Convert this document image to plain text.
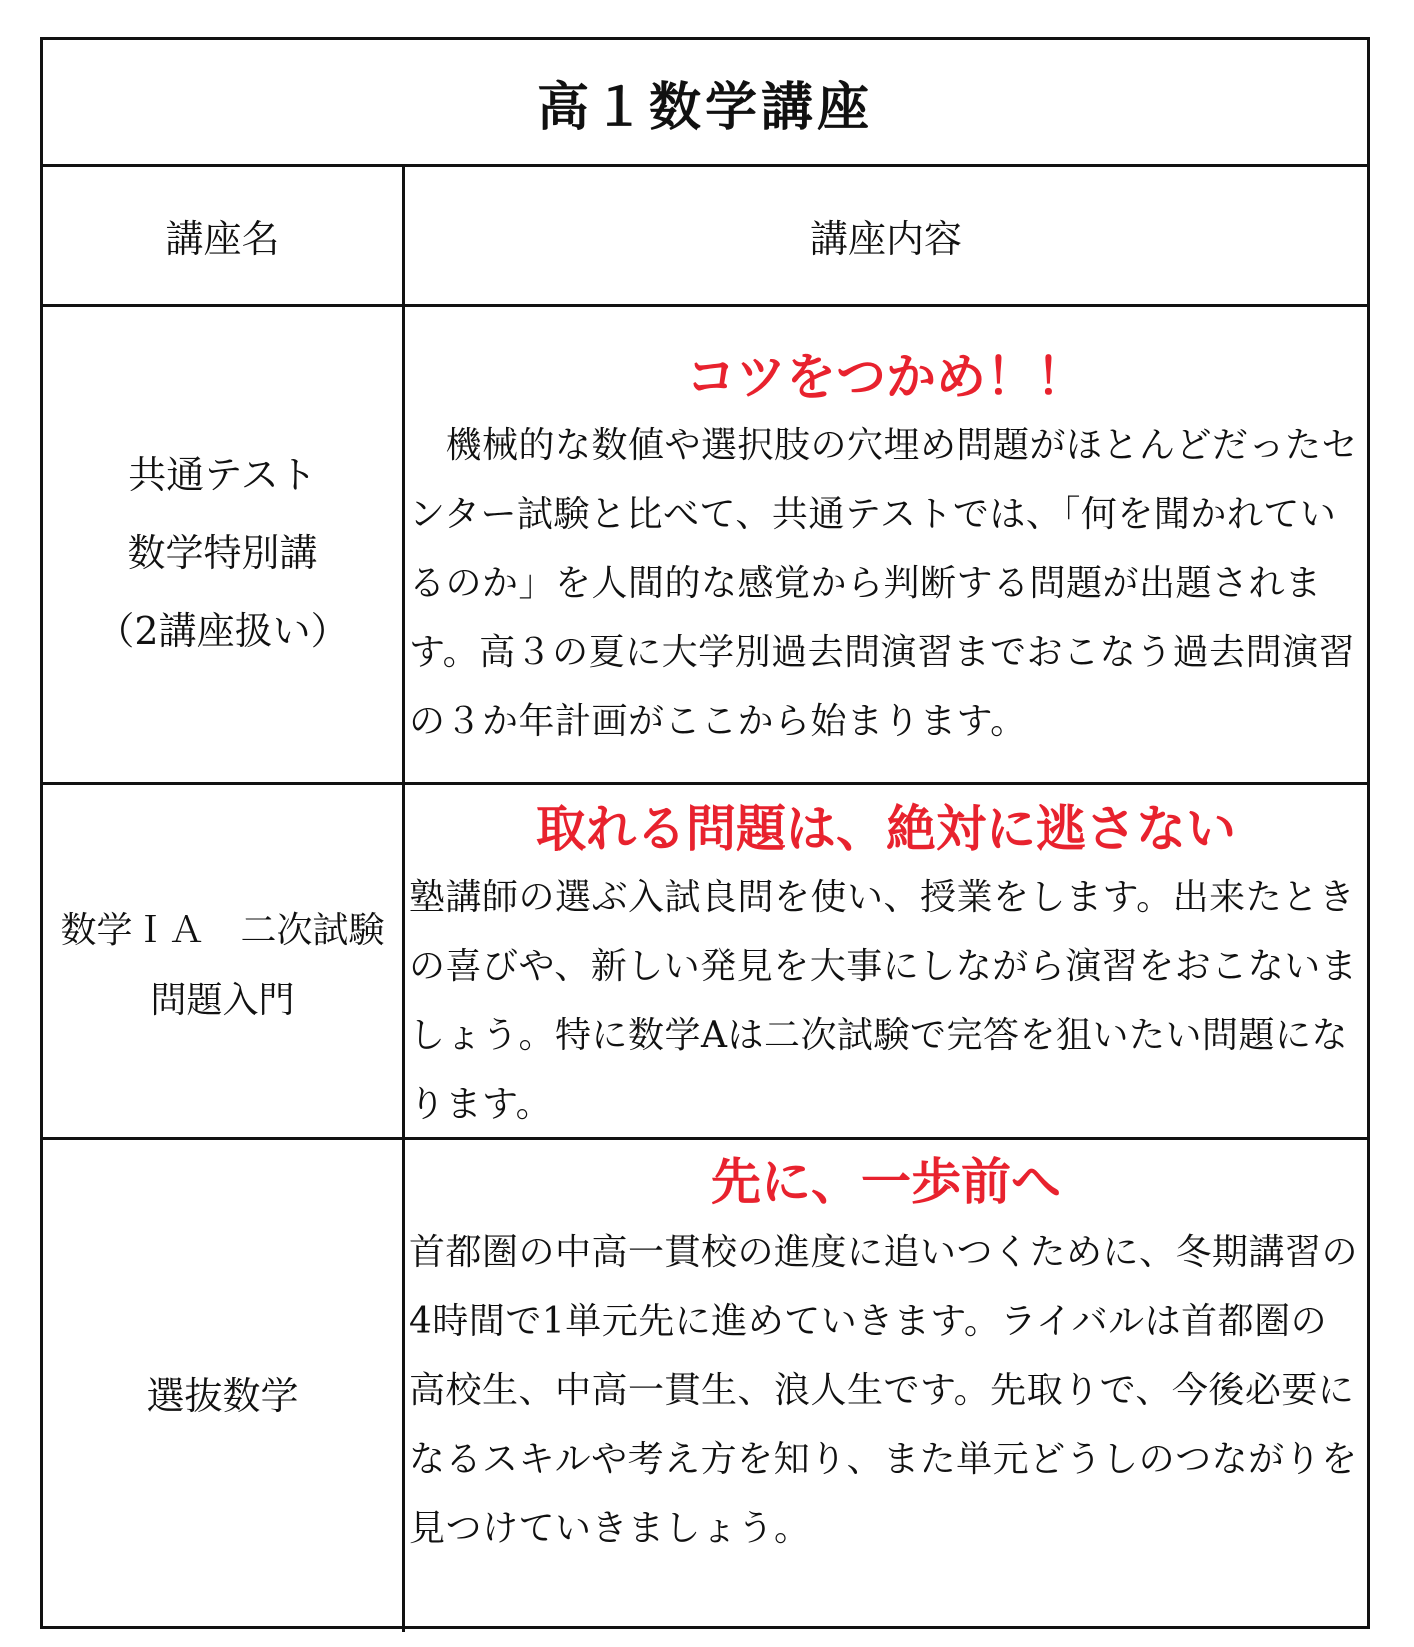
高１数学講座
講座名	講座内容
共通テスト
数学特別講
（2講座扱い）
コツをつかめ！！

　機械的な数値や選択肢の穴埋め問題がほとんどだったセンター試験と比べて、共通テストでは、「何を聞かれているのか」を人間的な感覚から判断する問題が出題されます。高３の夏に大学別過去問演習までおこなう過去問演習の３か年計画がここから始まります。

数学ＩＡ　二次試験
問題入門
取れる問題は、絶対に逃さない

塾講師の選ぶ入試良問を使い、授業をします。出来たときの喜びや、新しい発見を大事にしながら演習をおこないましょう。特に数学Aは二次試験で完答を狙いたい問題になります。

選抜数学
先に、一歩前へ

首都圏の中高一貫校の進度に追いつくために、冬期講習の4時間で1単元先に進めていきます。ライバルは首都圏の高校生、中高一貫生、浪人生です。先取りで、今後必要になるスキルや考え方を知り、また単元どうしのつながりを見つけていきましょう。
